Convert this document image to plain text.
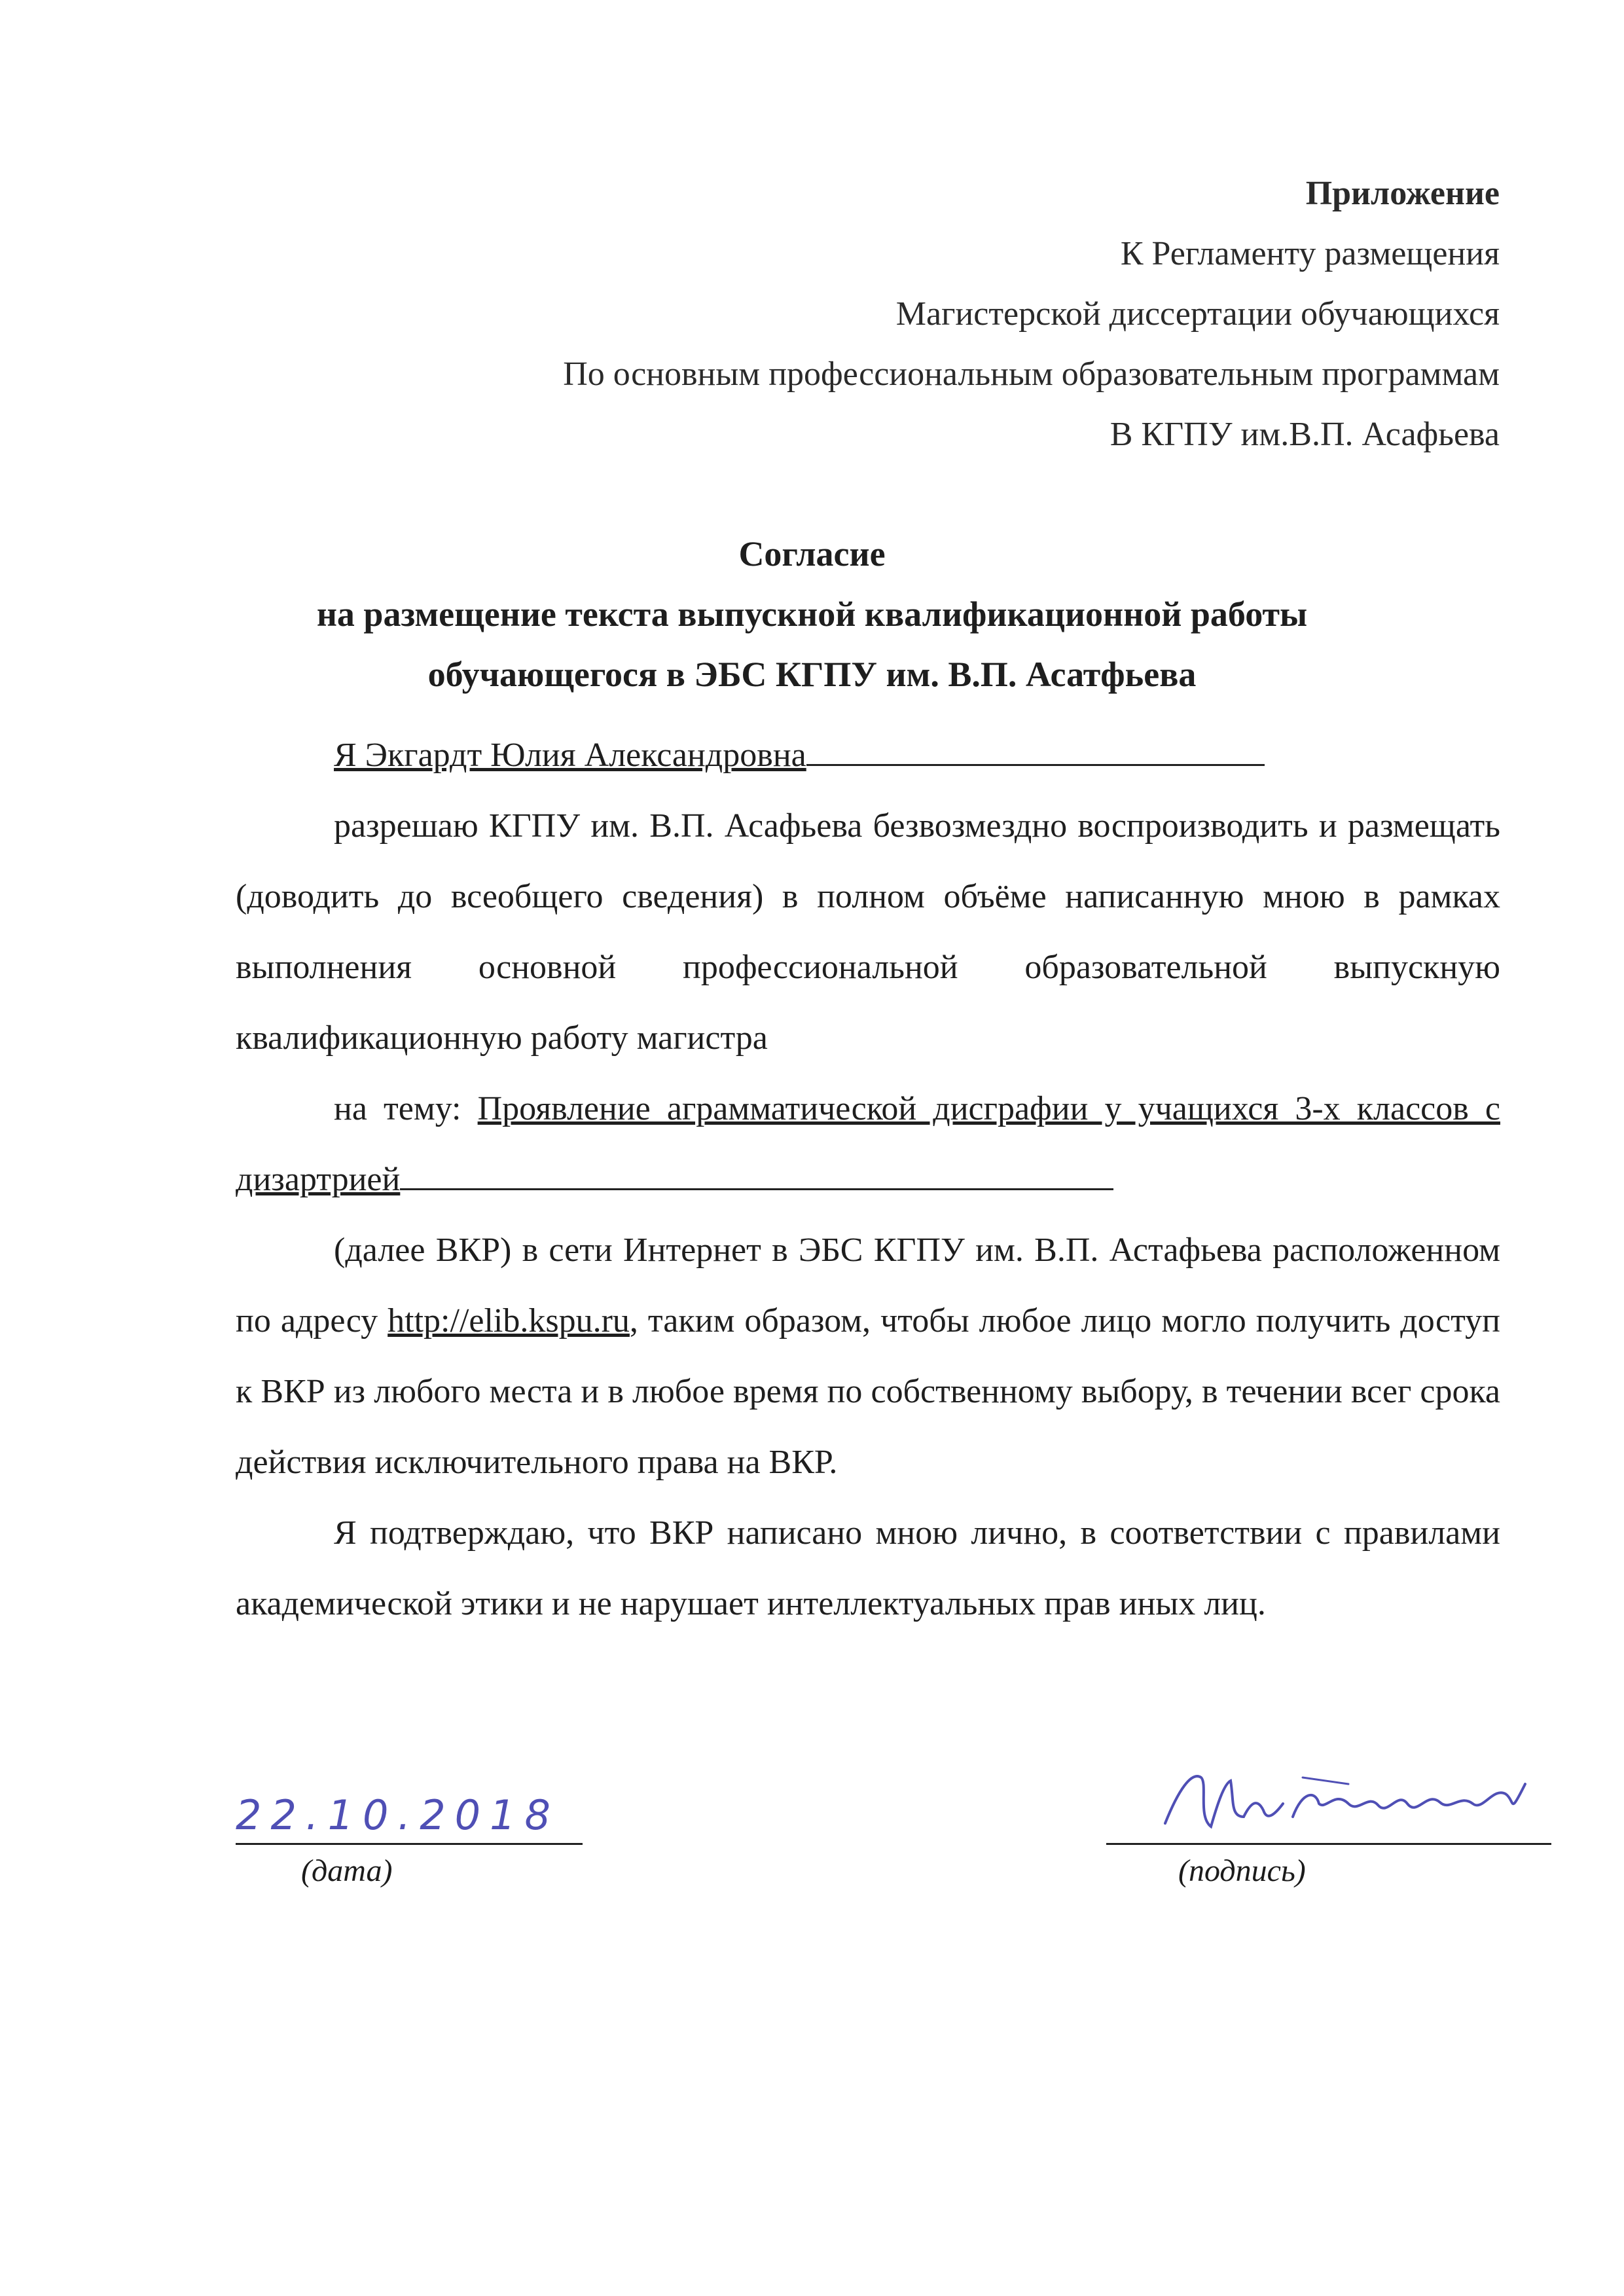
Приложение
К Регламенту размещения
Магистерской диссертации обучающихся
По основным профессиональным образовательным программам
В КГПУ им.В.П. Асафьева
Согласие
на размещение текста выпускной квалификационной работы
обучающегося в ЭБС КГПУ им. В.П. Асатфьева
Я Экгардт Юлия Александровна

разрешаю КГПУ им. В.П. Асафьева безвозмездно воспроизводить и размещать (доводить до всеобщего сведения) в полном объёме написанную мною в рамках выполнения основной профессиональной образовательной выпускную квалификационную работу магистра

на тему: Проявление аграмматической дисграфии у учащихся 3-х классов с дизартрией

(далее ВКР) в сети Интернет в ЭБС КГПУ им. В.П. Астафьева расположенном по адресу http://elib.kspu.ru, таким образом, чтобы любое лицо могло получить доступ к ВКР из любого места и в любое время по собственному выбору, в течении всег срока действия исключительного права на ВКР.

Я подтверждаю, что ВКР написано мною лично, в соответствии с правилами академической этики и не нарушает интеллектуальных прав иных лиц.

22.10.2018
(дата)	(подпись)
